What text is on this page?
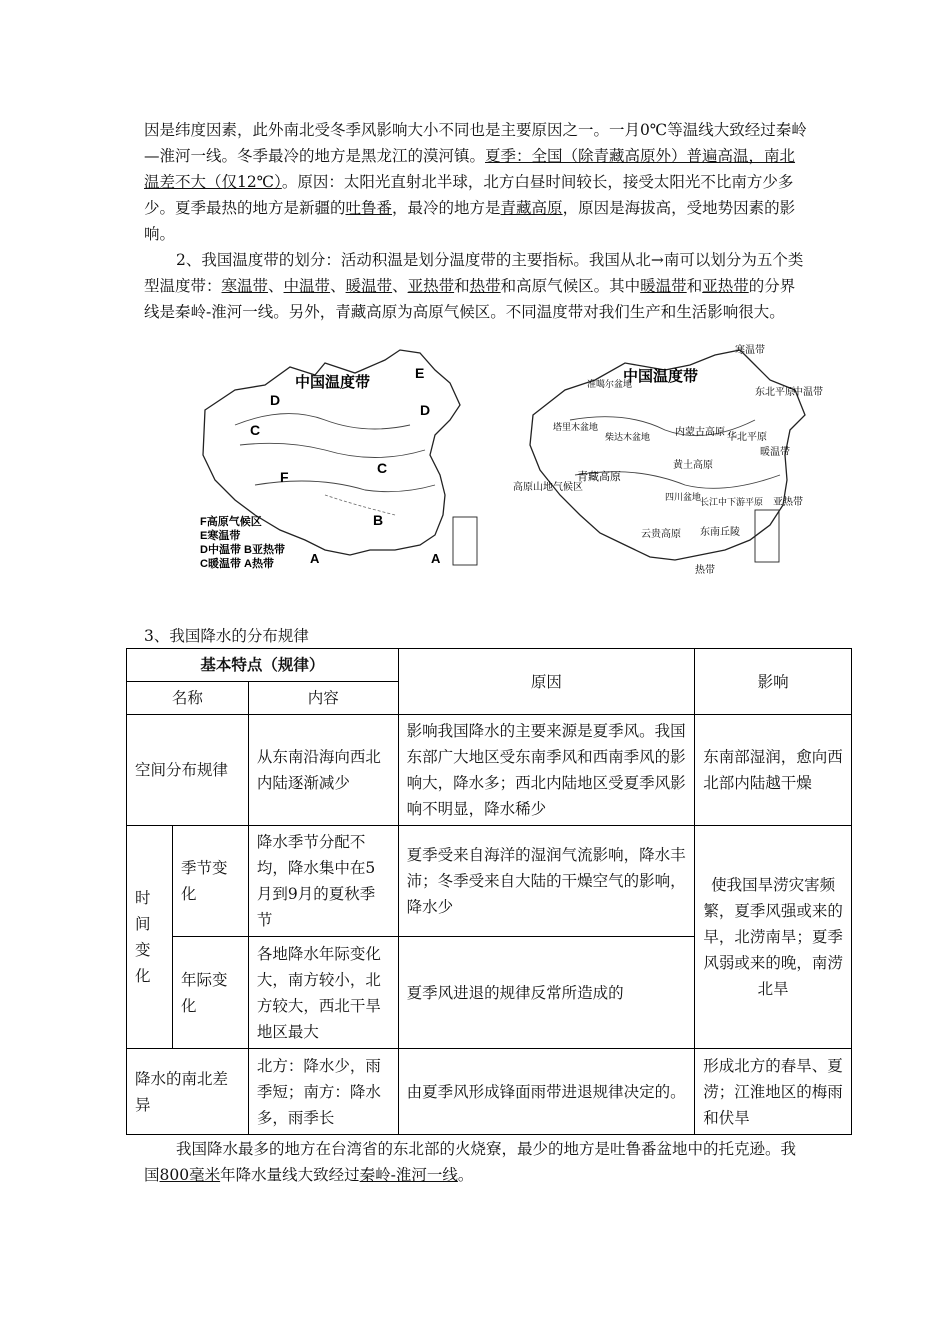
因是纬度因素，此外南北受冬季风影响大小不同也是主要原因之一。一月0℃等温线大致经过秦岭—淮河一线。冬季最冷的地方是黑龙江的漠河镇。夏季：全国（除青藏高原外）普遍高温，南北温差不大（仅12℃）。原因：太阳光直射北半球，北方白昼时间较长，接受太阳光不比南方少多少。夏季最热的地方是新疆的吐鲁番，最冷的地方是青藏高原，原因是海拔高，受地势因素的影响。
2、我国温度带的划分：活动积温是划分温度带的主要指标。我国从北→南可以划分为五个类型温度带：寒温带、中温带、暖温带、亚热带和热带和高原气候区。其中暖温带和亚热带的分界线是秦岭-淮河一线。另外，青藏高原为高原气候区。不同温度带对我们生产和生活影响很大。
中国温度带
E
D
D
C
C
F
B
A	A
F高原气候区
E寒温带
D中温带 B亚热带
C暖温带 A热带
中国温度带
寒温带
中温带
东北平原
准噶尔盆地
塔里木盆地
柴达木盆地 内蒙古高原 华北平原
暖温带
青藏高原
黄土高原
高原山地气候区
四川盆地
长江中下游平原 亚热带
云贵高原 东南丘陵
热带
3、我国降水的分布规律
基本特点（规律）			原因	影响
名称		内容		
空间分布规律		从东南沿海向西北内陆逐渐减少	影响我国降水的主要来源是夏季风。我国东部广大地区受东南季风和西南季风的影响大，降水多；西北内陆地区受夏季风影响不明显，降水稀少	东南部湿润，愈向西北部内陆越干燥
时间变化	季节变化	降水季节分配不均，降水集中在5月到9月的夏秋季节	夏季受来自海洋的湿润气流影响，降水丰沛；冬季受来自大陆的干燥空气的影响，降水少	使我国旱涝灾害频繁，夏季风强或来的早，北涝南旱；夏季风弱或来的晚，南涝北旱
	年际变化	各地降水年际变化大，南方较小，北方较大，西北干旱地区最大	夏季风进退的规律反常所造成的	
降水的南北差异		北方：降水少，雨季短；南方：降水多，雨季长	由夏季风形成锋面雨带进退规律决定的。	形成北方的春旱、夏涝；江淮地区的梅雨和伏旱
我国降水最多的地方在台湾省的东北部的火烧寮，最少的地方是吐鲁番盆地中的托克逊。我国800毫米年降水量线大致经过秦岭-淮河一线。
